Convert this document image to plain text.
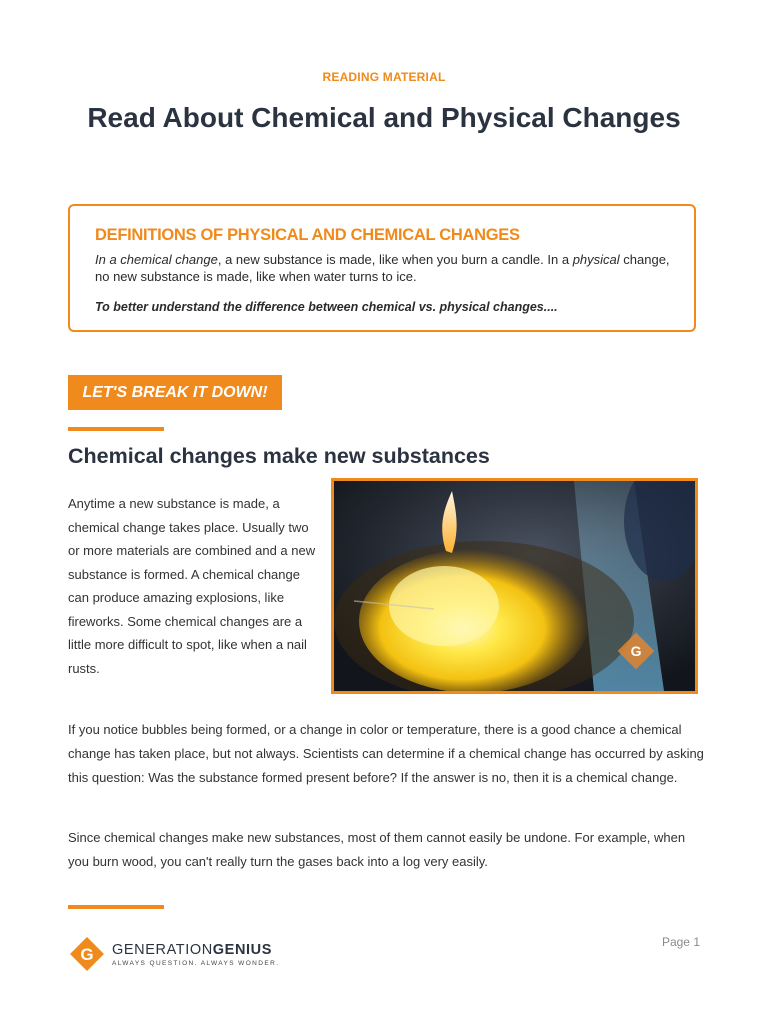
READING MATERIAL
Read About Chemical and Physical Changes
DEFINITIONS OF PHYSICAL AND CHEMICAL CHANGES

In a chemical change, a new substance is made, like when you burn a candle. In a physical change, no new substance is made, like when water turns to ice.

To better understand the difference between chemical vs. physical changes....

LET'S BREAK IT DOWN!
Chemical changes make new substances

Anytime a new substance is made, a chemical change takes place. Usually two or more materials are combined and a new substance is formed. A chemical change can produce amazing explosions, like fireworks. Some chemical changes are a little more difficult to spot, like when a nail rusts.

G

If you notice bubbles being formed, or a change in color or temperature, there is a good chance a chemical change has taken place, but not always. Scientists can determine if a chemical change has occurred by asking this question: Was the substance formed present before? If the answer is no, then it is a chemical change.

Since chemical changes make new substances, most of them cannot easily be undone. For example, when you burn wood, you can't really turn the gases back into a log very easily.

G GENERATIONGENIUS
ALWAYS QUESTION. ALWAYS WONDER.
Page 1
